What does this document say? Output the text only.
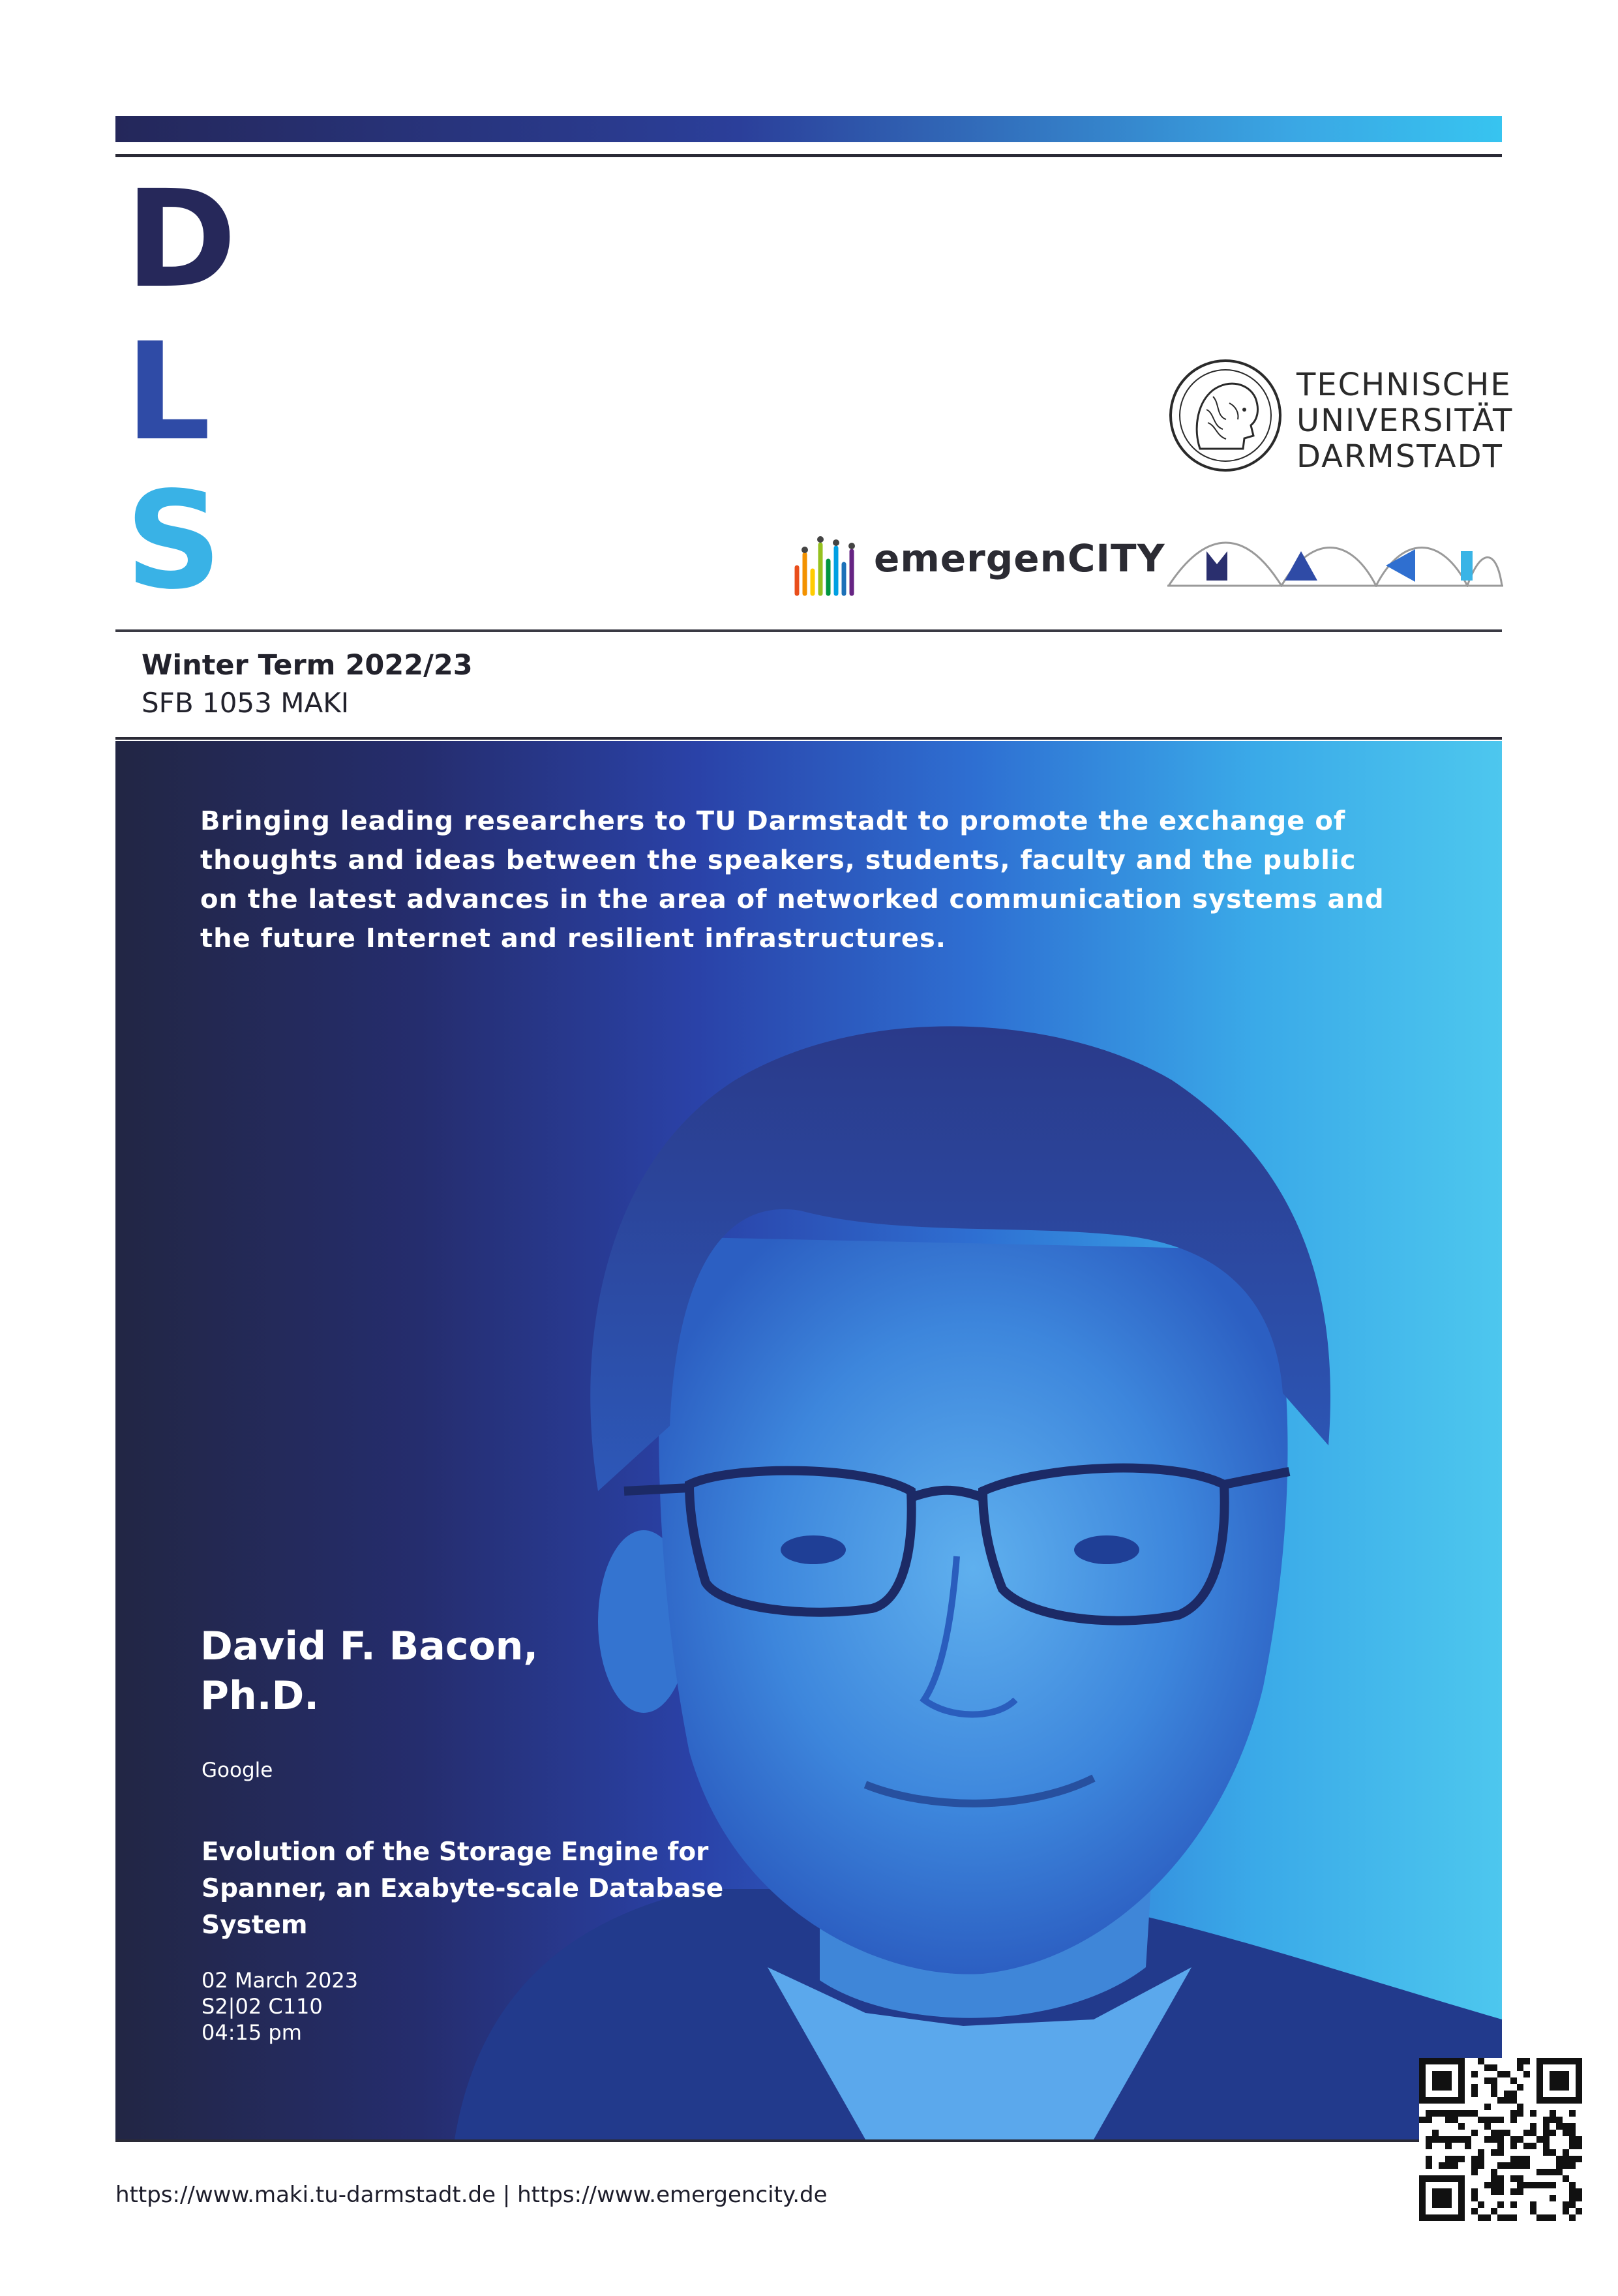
DISTINGUISHED
LECTURE
SERIES
TECHNISCHE
UNIVERSITÄT
DARMSTADT
emergenCITY
Winter Term 2022/23
SFB 1053 MAKI
Bringing leading researchers to TU Darmstadt to promote the exchange of thoughts and ideas between the speakers, students, faculty and the public on the latest advances in the area of networked communication systems and the future Internet and resilient infrastructures.
David F. Bacon,
Ph.D.
Google
Evolution of the Storage Engine for Spanner, an Exabyte-scale Database System
02 March 2023
S2|02 C110
04:15 pm
https://www.maki.tu-darmstadt.de | https://www.emergencity.de
